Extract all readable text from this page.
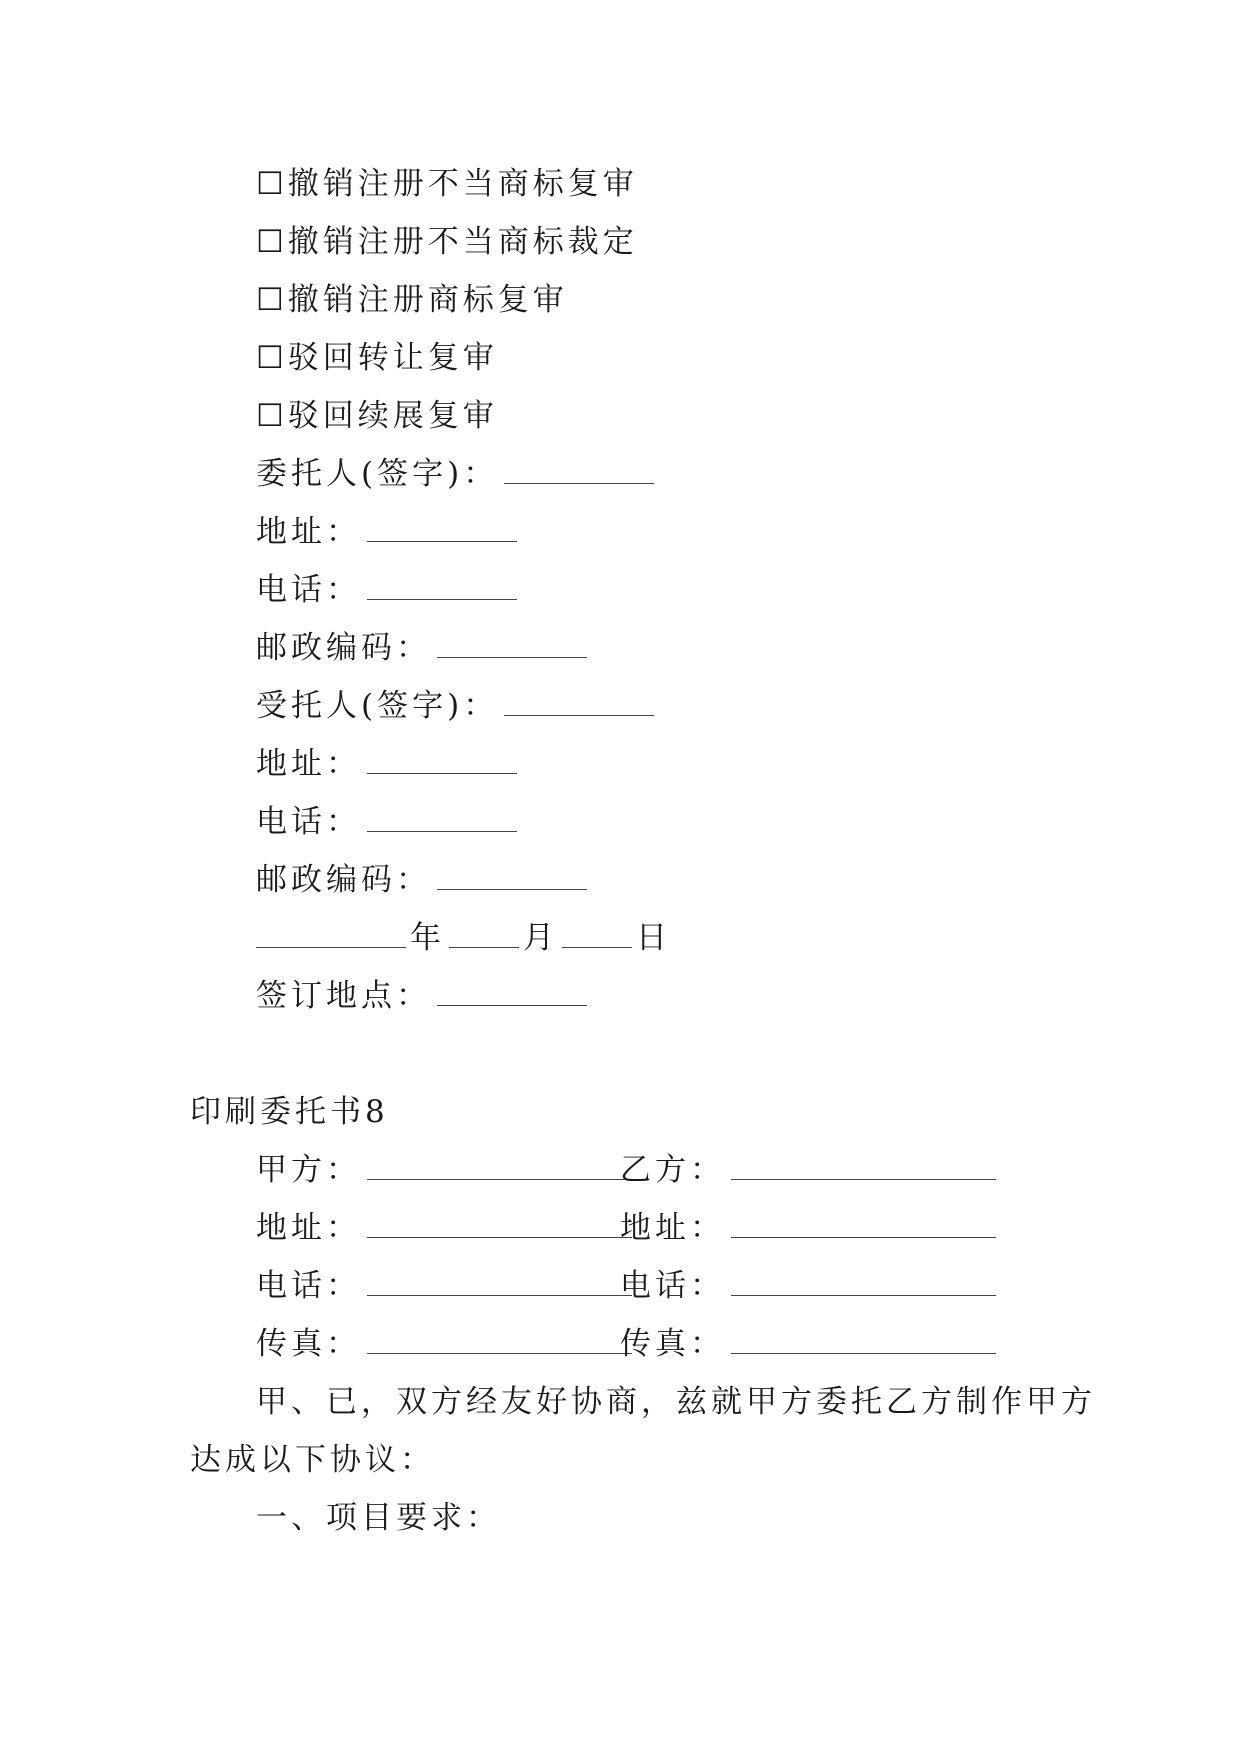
☐撤销注册不当商标复审
☐撤销注册不当商标裁定
☐撤销注册商标复审
☐驳回转让复审
☐驳回续展复审
委托人(签字)：
地址：
电话：
邮政编码：
受托人(签字)：
地址：
电话：
邮政编码：
年	月	日
签订地点：
印刷委托书8
甲方：	乙方：
地址：	地址：
电话：	电话：
传真：	传真：
甲、已，双方经友好协商，兹就甲方委托乙方制作甲方
达成以下协议：
一、项目要求：
